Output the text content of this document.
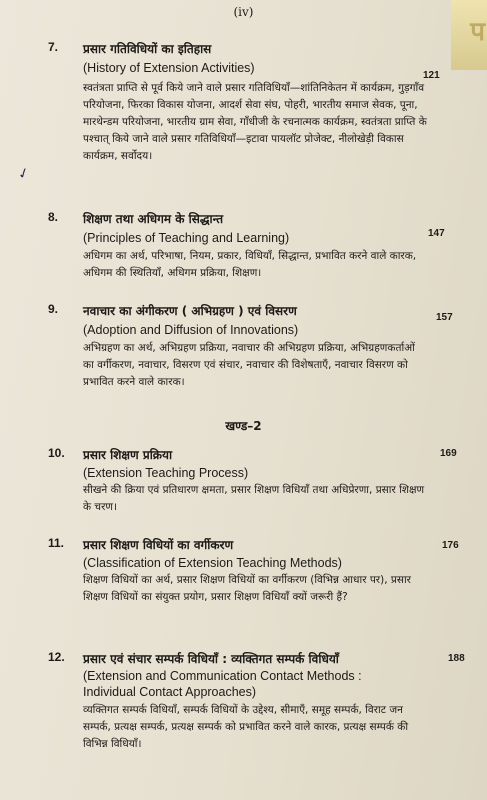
प
(iv)
7. प्रसार गतिविधियों का इतिहास
(History of Extension Activities)
121
स्वतंत्रता प्राप्ति से पूर्व किये जाने वाले प्रसार गतिविधियाँ—शांतिनिकेतन में कार्यक्रम, गुड़गाँव परियोजना, फिरका विकास योजना, आदर्श सेवा संघ, पोहरी, भारतीय समाज सेवक, पूना, मारथेन्डम परियोजना, भारतीय ग्राम सेवा, गाँधीजी के रचनात्मक कार्यक्रम, स्वतंत्रता प्राप्ति के पश्चात् किये जाने वाले प्रसार गतिविधियाँ—इटावा पायलॉट प्रोजेक्ट, नीलोखेड़ी विकास कार्यक्रम, सर्वोदय।
✓
8. शिक्षण तथा अधिगम के सिद्धान्त
(Principles of Teaching and Learning)	147
अधिगम का अर्थ, परिभाषा, नियम, प्रकार, विधियाँ, सिद्धान्त, प्रभावित करने वाले कारक, अधिगम की स्थितियाँ, अधिगम प्रक्रिया, शिक्षण।
9. नवाचार का अंगीकरण ( अभिग्रहण ) एवं विसरण
(Adoption and Diffusion of Innovations)
157
अभिग्रहण का अर्थ, अभिग्रहण प्रक्रिया, नवाचार की अभिग्रहण प्रक्रिया, अभिग्रहणकर्ताओं का वर्गीकरण, नवाचार, विसरण एवं संचार, नवाचार की विशेषताएँ, नवाचार विसरण को प्रभावित करने वाले कारक।
खण्ड–2
10. प्रसार शिक्षण प्रक्रिया
(Extension Teaching Process)
169
सीखने की क्रिया एवं प्रतिधारण क्षमता, प्रसार शिक्षण विधियाँ तथा अधिप्रेरणा, प्रसार शिक्षण के चरण।
11. प्रसार शिक्षण विधियों का वर्गीकरण
(Classification of Extension Teaching Methods)
176
शिक्षण विधियों का अर्थ, प्रसार शिक्षण विधियों का वर्गीकरण (विभिन्न आधार पर), प्रसार शिक्षण विधियों का संयुक्त प्रयोग, प्रसार शिक्षण विधियाँ क्यों जरूरी हैं?
12. प्रसार एवं संचार सम्पर्क विधियाँ : व्यक्तिगत सम्पर्क विधियाँ
(Extension and Communication Contact Methods :
Individual Contact Approaches)
188
व्यक्तिगत सम्पर्क विधियाँ, सम्पर्क विधियों के उद्देश्य, सीमाएँ, समूह सम्पर्क, विराट जन सम्पर्क, प्रत्यक्ष सम्पर्क, प्रत्यक्ष सम्पर्क को प्रभावित करने वाले कारक, प्रत्यक्ष सम्पर्क की विभिन्न विधियाँ।
